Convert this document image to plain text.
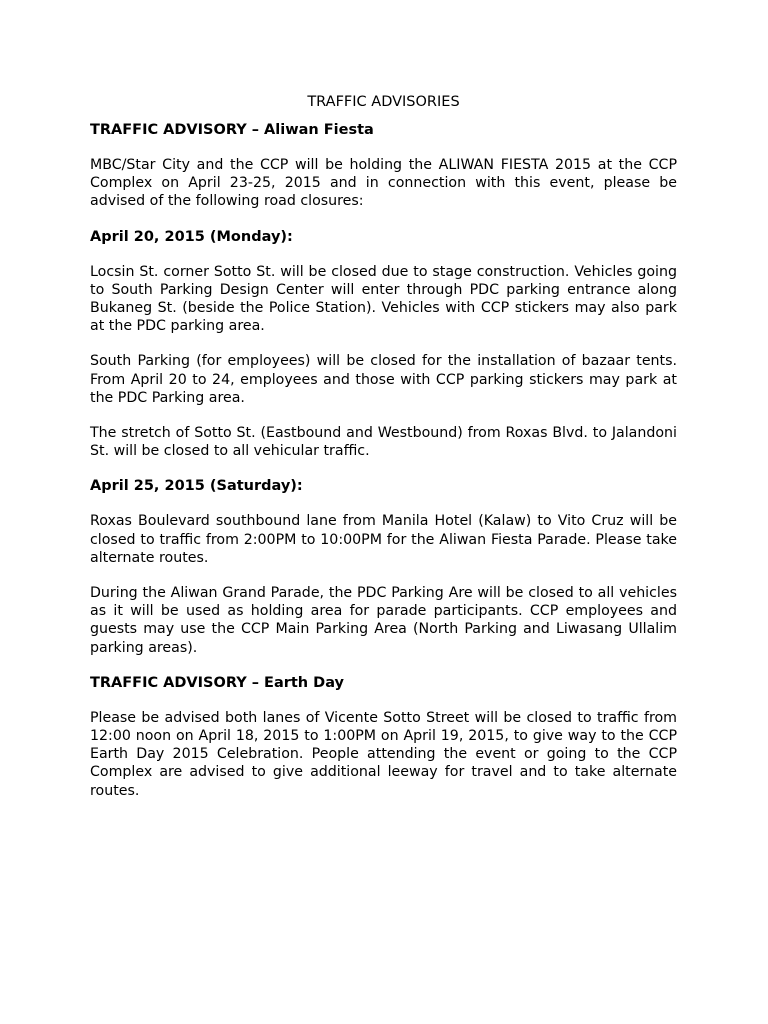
TRAFFIC ADVISORIES
TRAFFIC ADVISORY – Aliwan Fiesta

MBC/Star City and the CCP will be holding the ALIWAN FIESTA 2015 at the CCP Complex on April 23-25, 2015 and in connection with this event, please be advised of the following road closures:

April 20, 2015 (Monday):

Locsin St. corner Sotto St. will be closed due to stage construction. Vehicles going to South Parking Design Center will enter through PDC parking entrance along Bukaneg St. (beside the Police Station). Vehicles with CCP stickers may also park at the PDC parking area.

South Parking (for employees) will be closed for the installation of bazaar tents. From April 20 to 24, employees and those with CCP parking stickers may park at the PDC Parking area.

The stretch of Sotto St. (Eastbound and Westbound) from Roxas Blvd. to Jalandoni St. will be closed to all vehicular traffic.

April 25, 2015 (Saturday):

Roxas Boulevard southbound lane from Manila Hotel (Kalaw) to Vito Cruz will be closed to traffic from 2:00PM to 10:00PM for the Aliwan Fiesta Parade. Please take alternate routes.

During the Aliwan Grand Parade, the PDC Parking Are will be closed to all vehicles as it will be used as holding area for parade participants. CCP employees and guests may use the CCP Main Parking Area (North Parking and Liwasang Ullalim parking areas).

TRAFFIC ADVISORY – Earth Day

Please be advised both lanes of Vicente Sotto Street will be closed to traffic from 12:00 noon on April 18, 2015 to 1:00PM on April 19, 2015, to give way to the CCP Earth Day 2015 Celebration. People attending the event or going to the CCP Complex are advised to give additional leeway for travel and to take alternate routes.
